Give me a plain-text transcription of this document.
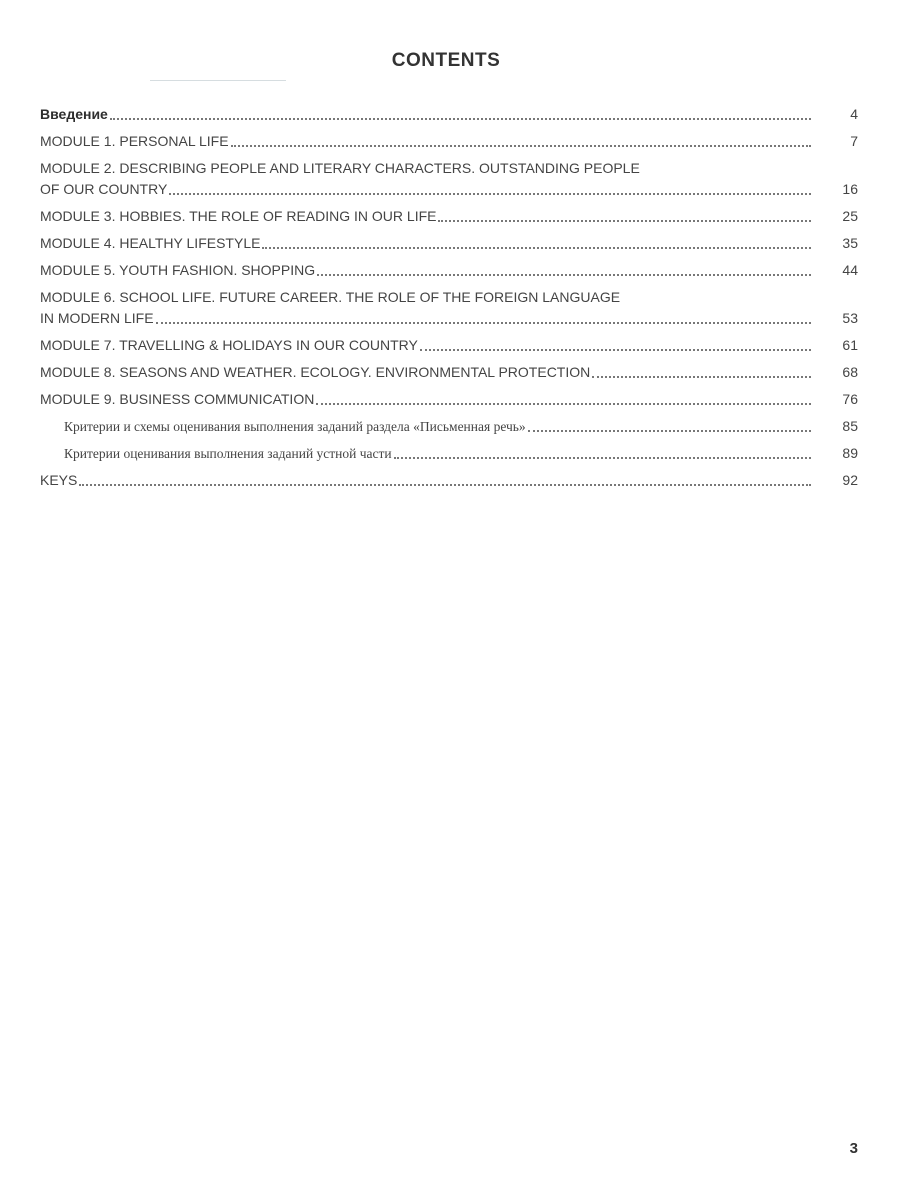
CONTENTS
Введение	4
MODULE 1. PERSONAL LIFE	7
MODULE 2. DESCRIBING PEOPLE AND LITERARY CHARACTERS. OUTSTANDING PEOPLE
OF OUR COUNTRY	16
MODULE 3. HOBBIES. THE ROLE OF READING IN OUR LIFE	25
MODULE 4. HEALTHY LIFESTYLE	35
MODULE 5. YOUTH FASHION. SHOPPING	44
MODULE 6. SCHOOL LIFE. FUTURE CAREER. THE ROLE OF THE FOREIGN LANGUAGE
IN MODERN LIFE	53
MODULE 7. TRAVELLING & HOLIDAYS IN OUR COUNTRY	61
MODULE 8. SEASONS AND WEATHER. ECOLOGY. ENVIRONMENTAL PROTECTION	68
MODULE 9. BUSINESS COMMUNICATION	76
Критерии и схемы оценивания выполнения заданий раздела «Письменная речь»	85
Критерии оценивания выполнения заданий устной части	89
KEYS	92
3
